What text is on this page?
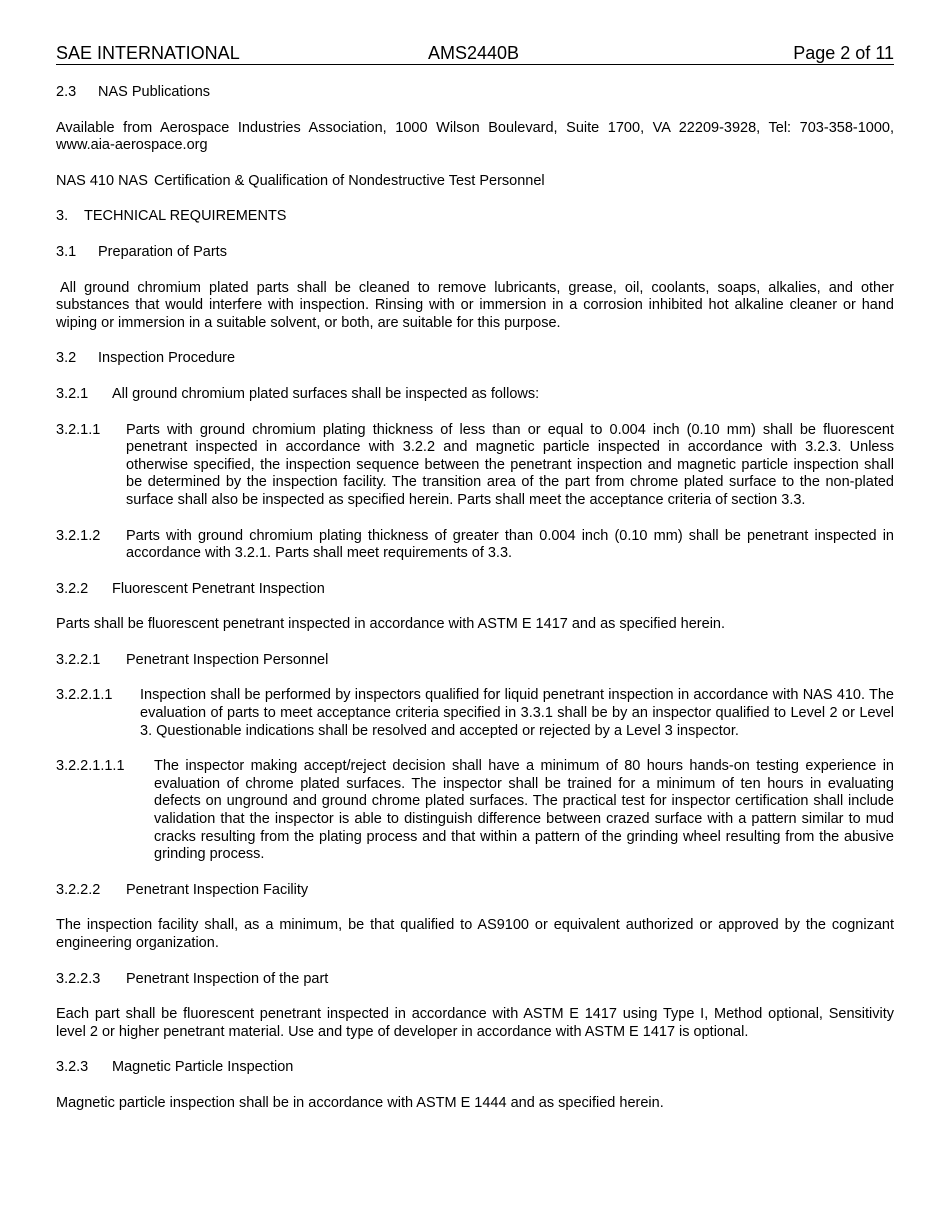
SAE INTERNATIONAL	AMS2440B	Page 2 of 11
2.3 NAS Publications
Available from Aerospace Industries Association, 1000 Wilson Boulevard, Suite 1700, VA 22209-3928, Tel: 703-358-1000, www.aia-aerospace.org
NAS 410 NAS Certification & Qualification of Nondestructive Test Personnel
3. TECHNICAL REQUIREMENTS
3.1 Preparation of Parts
All ground chromium plated parts shall be cleaned to remove lubricants, grease, oil, coolants, soaps, alkalies, and other substances that would interfere with inspection. Rinsing with or immersion in a corrosion inhibited hot alkaline cleaner or hand wiping or immersion in a suitable solvent, or both, are suitable for this purpose.
3.2 Inspection Procedure
3.2.1 All ground chromium plated surfaces shall be inspected as follows:
3.2.1.1 Parts with ground chromium plating thickness of less than or equal to 0.004 inch (0.10 mm) shall be fluorescent penetrant inspected in accordance with 3.2.2 and magnetic particle inspected in accordance with 3.2.3. Unless otherwise specified, the inspection sequence between the penetrant inspection and magnetic particle inspection shall be determined by the inspection facility. The transition area of the part from chrome plated surface to the non-plated surface shall also be inspected as specified herein. Parts shall meet the acceptance criteria of section 3.3.
3.2.1.2 Parts with ground chromium plating thickness of greater than 0.004 inch (0.10 mm) shall be penetrant inspected in accordance with 3.2.1. Parts shall meet requirements of 3.3.
3.2.2 Fluorescent Penetrant Inspection
Parts shall be fluorescent penetrant inspected in accordance with ASTM E 1417 and as specified herein.
3.2.2.1 Penetrant Inspection Personnel
3.2.2.1.1 Inspection shall be performed by inspectors qualified for liquid penetrant inspection in accordance with NAS 410. The evaluation of parts to meet acceptance criteria specified in 3.3.1 shall be by an inspector qualified to Level 2 or Level 3. Questionable indications shall be resolved and accepted or rejected by a Level 3 inspector.
3.2.2.1.1.1 The inspector making accept/reject decision shall have a minimum of 80 hours hands-on testing experience in evaluation of chrome plated surfaces. The inspector shall be trained for a minimum of ten hours in evaluating defects on unground and ground chrome plated surfaces. The practical test for inspector certification shall include validation that the inspector is able to distinguish difference between crazed surface with a pattern similar to mud cracks resulting from the plating process and that within a pattern of the grinding wheel resulting from the abusive grinding process.
3.2.2.2 Penetrant Inspection Facility
The inspection facility shall, as a minimum, be that qualified to AS9100 or equivalent authorized or approved by the cognizant engineering organization.
3.2.2.3 Penetrant Inspection of the part
Each part shall be fluorescent penetrant inspected in accordance with ASTM E 1417 using Type I, Method optional, Sensitivity level 2 or higher penetrant material. Use and type of developer in accordance with ASTM E 1417 is optional.
3.2.3 Magnetic Particle Inspection
Magnetic particle inspection shall be in accordance with ASTM E 1444 and as specified herein.
